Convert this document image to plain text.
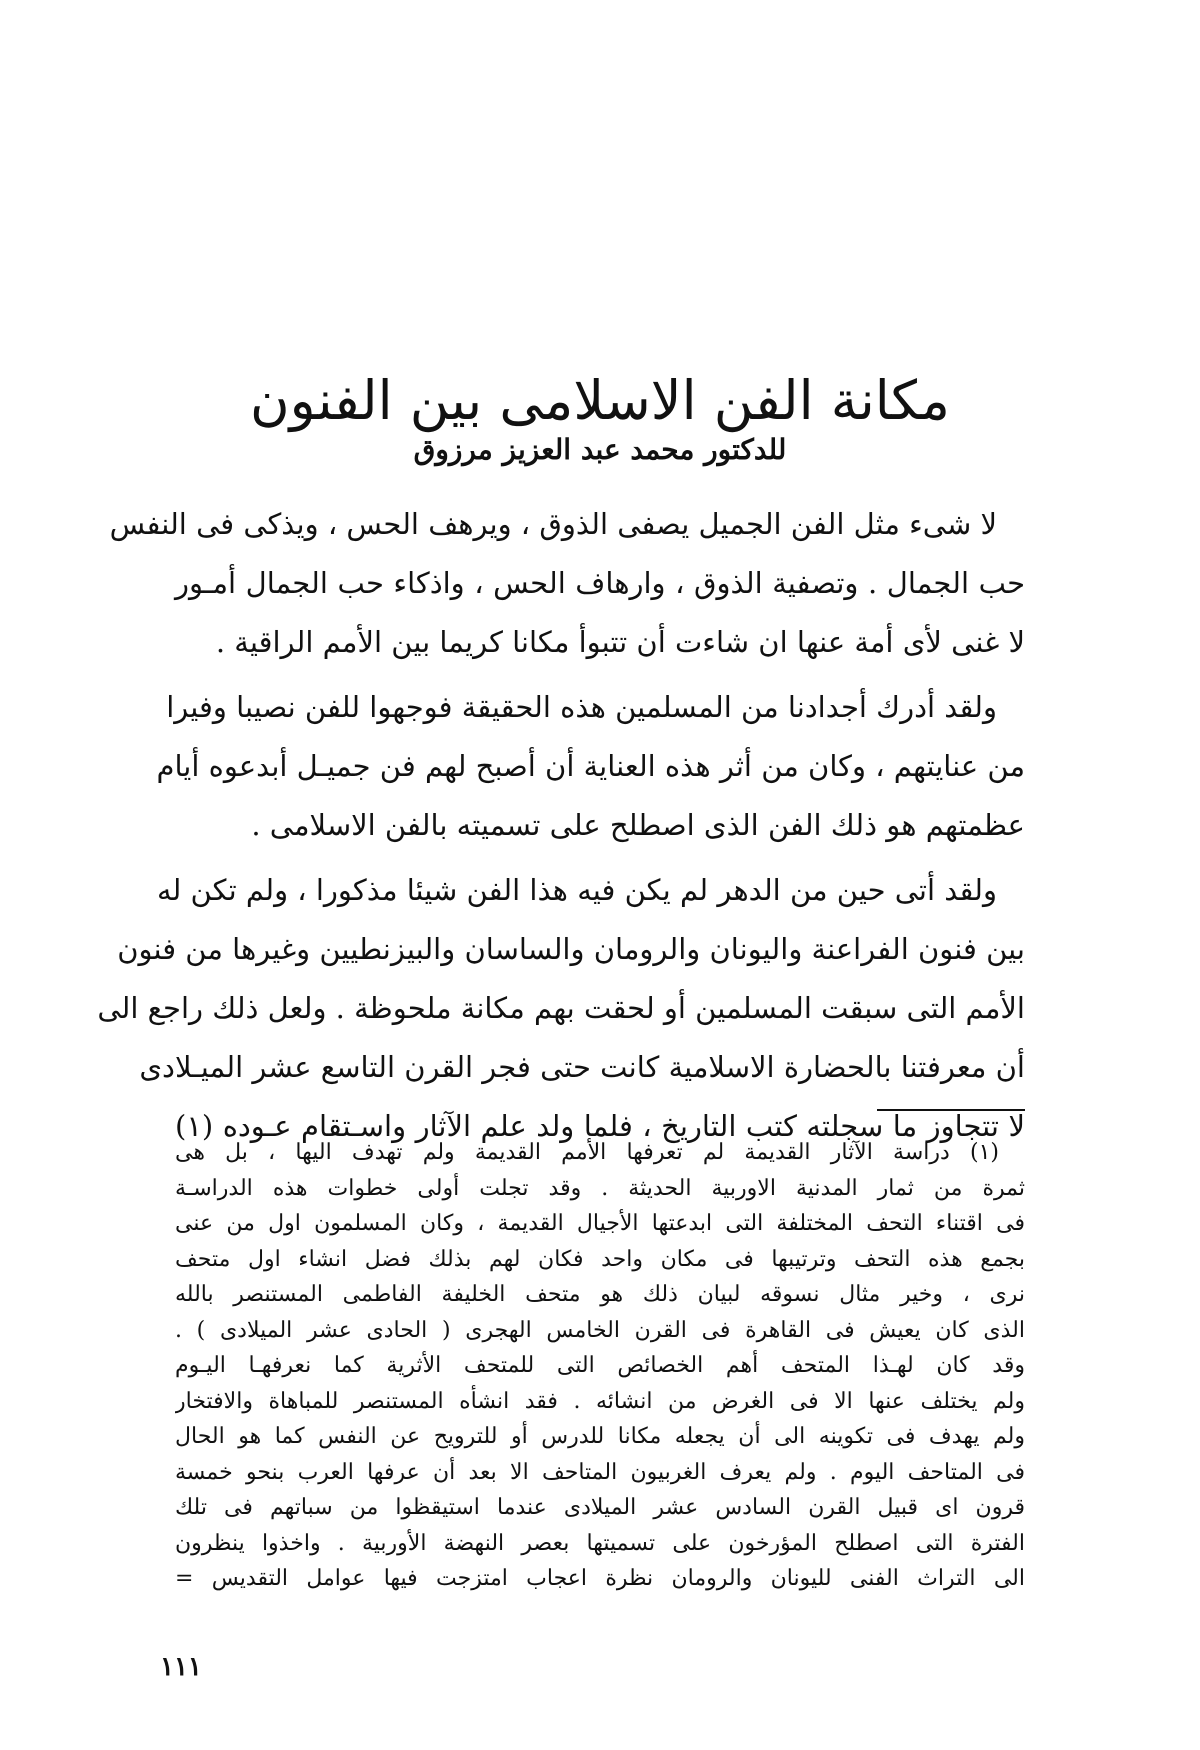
مكانة الفن الاسلامى بين الفنون
للدكتور محمد عبد العزيز مرزوق
لا شىء مثل الفن الجميل يصفى الذوق ، ويرهف الحس ، ويذكى فى النفس
حب الجمال . وتصفية الذوق ، وارهاف الحس ، واذكاء حب الجمال أمـور
لا غنى لأى أمة عنها ان شاءت أن تتبوأ مكانا كريما بين الأمم الراقية .
ولقد أدرك أجدادنا من المسلمين هذه الحقيقة فوجهوا للفن نصيبا وفيرا
من عنايتهم ، وكان من أثر هذه العناية أن أصبح لهم فن جميـل أبدعوه أيام
عظمتهم هو ذلك الفن الذى اصطلح على تسميته بالفن الاسلامى .
ولقد أتى حين من الدهر لم يكن فيه هذا الفن شيئا مذكورا ، ولم تكن له
بين فنون الفراعنة واليونان والرومان والساسان والبيزنطيين وغيرها من فنون
الأمم التى سبقت المسلمين أو لحقت بهم مكانة ملحوظة . ولعل ذلك راجع الى
أن معرفتنا بالحضارة الاسلامية كانت حتى فجر القرن التاسع عشر الميـلادى
لا تتجاوز ما سجلته كتب التاريخ ، فلما ولد علم الآثار واسـتقام عـوده (١)
(١) دراسة الآثار القديمة لم تعرفها الأمم القديمة ولم تهدف اليها ، بل هى
ثمرة من ثمار المدنية الاوربية الحديثة . وقد تجلت أولى خطوات هذه الدراسـة
فى اقتناء التحف المختلفة التى ابدعتها الأجيال القديمة ، وكان المسلمون اول من عنى
بجمع هذه التحف وترتيبها فى مكان واحد فكان لهم بذلك فضل انشاء اول متحف
نرى ، وخير مثال نسوقه لبيان ذلك هو متحف الخليفة الفاطمى المستنصر بالله
الذى كان يعيش فى القاهرة فى القرن الخامس الهجرى ( الحادى عشر الميلادى ) .
وقد كان لهـذا المتحف أهم الخصائص التى للمتحف الأثرية كما نعرفهـا اليـوم
ولم يختلف عنها الا فى الغرض من انشائه . فقد انشأه المستنصر للمباهاة والافتخار
ولم يهدف فى تكوينه الى أن يجعله مكانا للدرس أو للترويح عن النفس كما هو الحال
فى المتاحف اليوم . ولم يعرف الغربيون المتاحف الا بعد أن عرفها العرب بنحو خمسة
قرون اى قبيل القرن السادس عشر الميلادى عندما استيقظوا من سباتهم فى تلك
الفترة التى اصطلح المؤرخون على تسميتها بعصر النهضة الأوربية . واخذوا ينظرون
الى التراث الفنى لليونان والرومان نظرة اعجاب امتزجت فيها عوامل التقديس =
١١١
